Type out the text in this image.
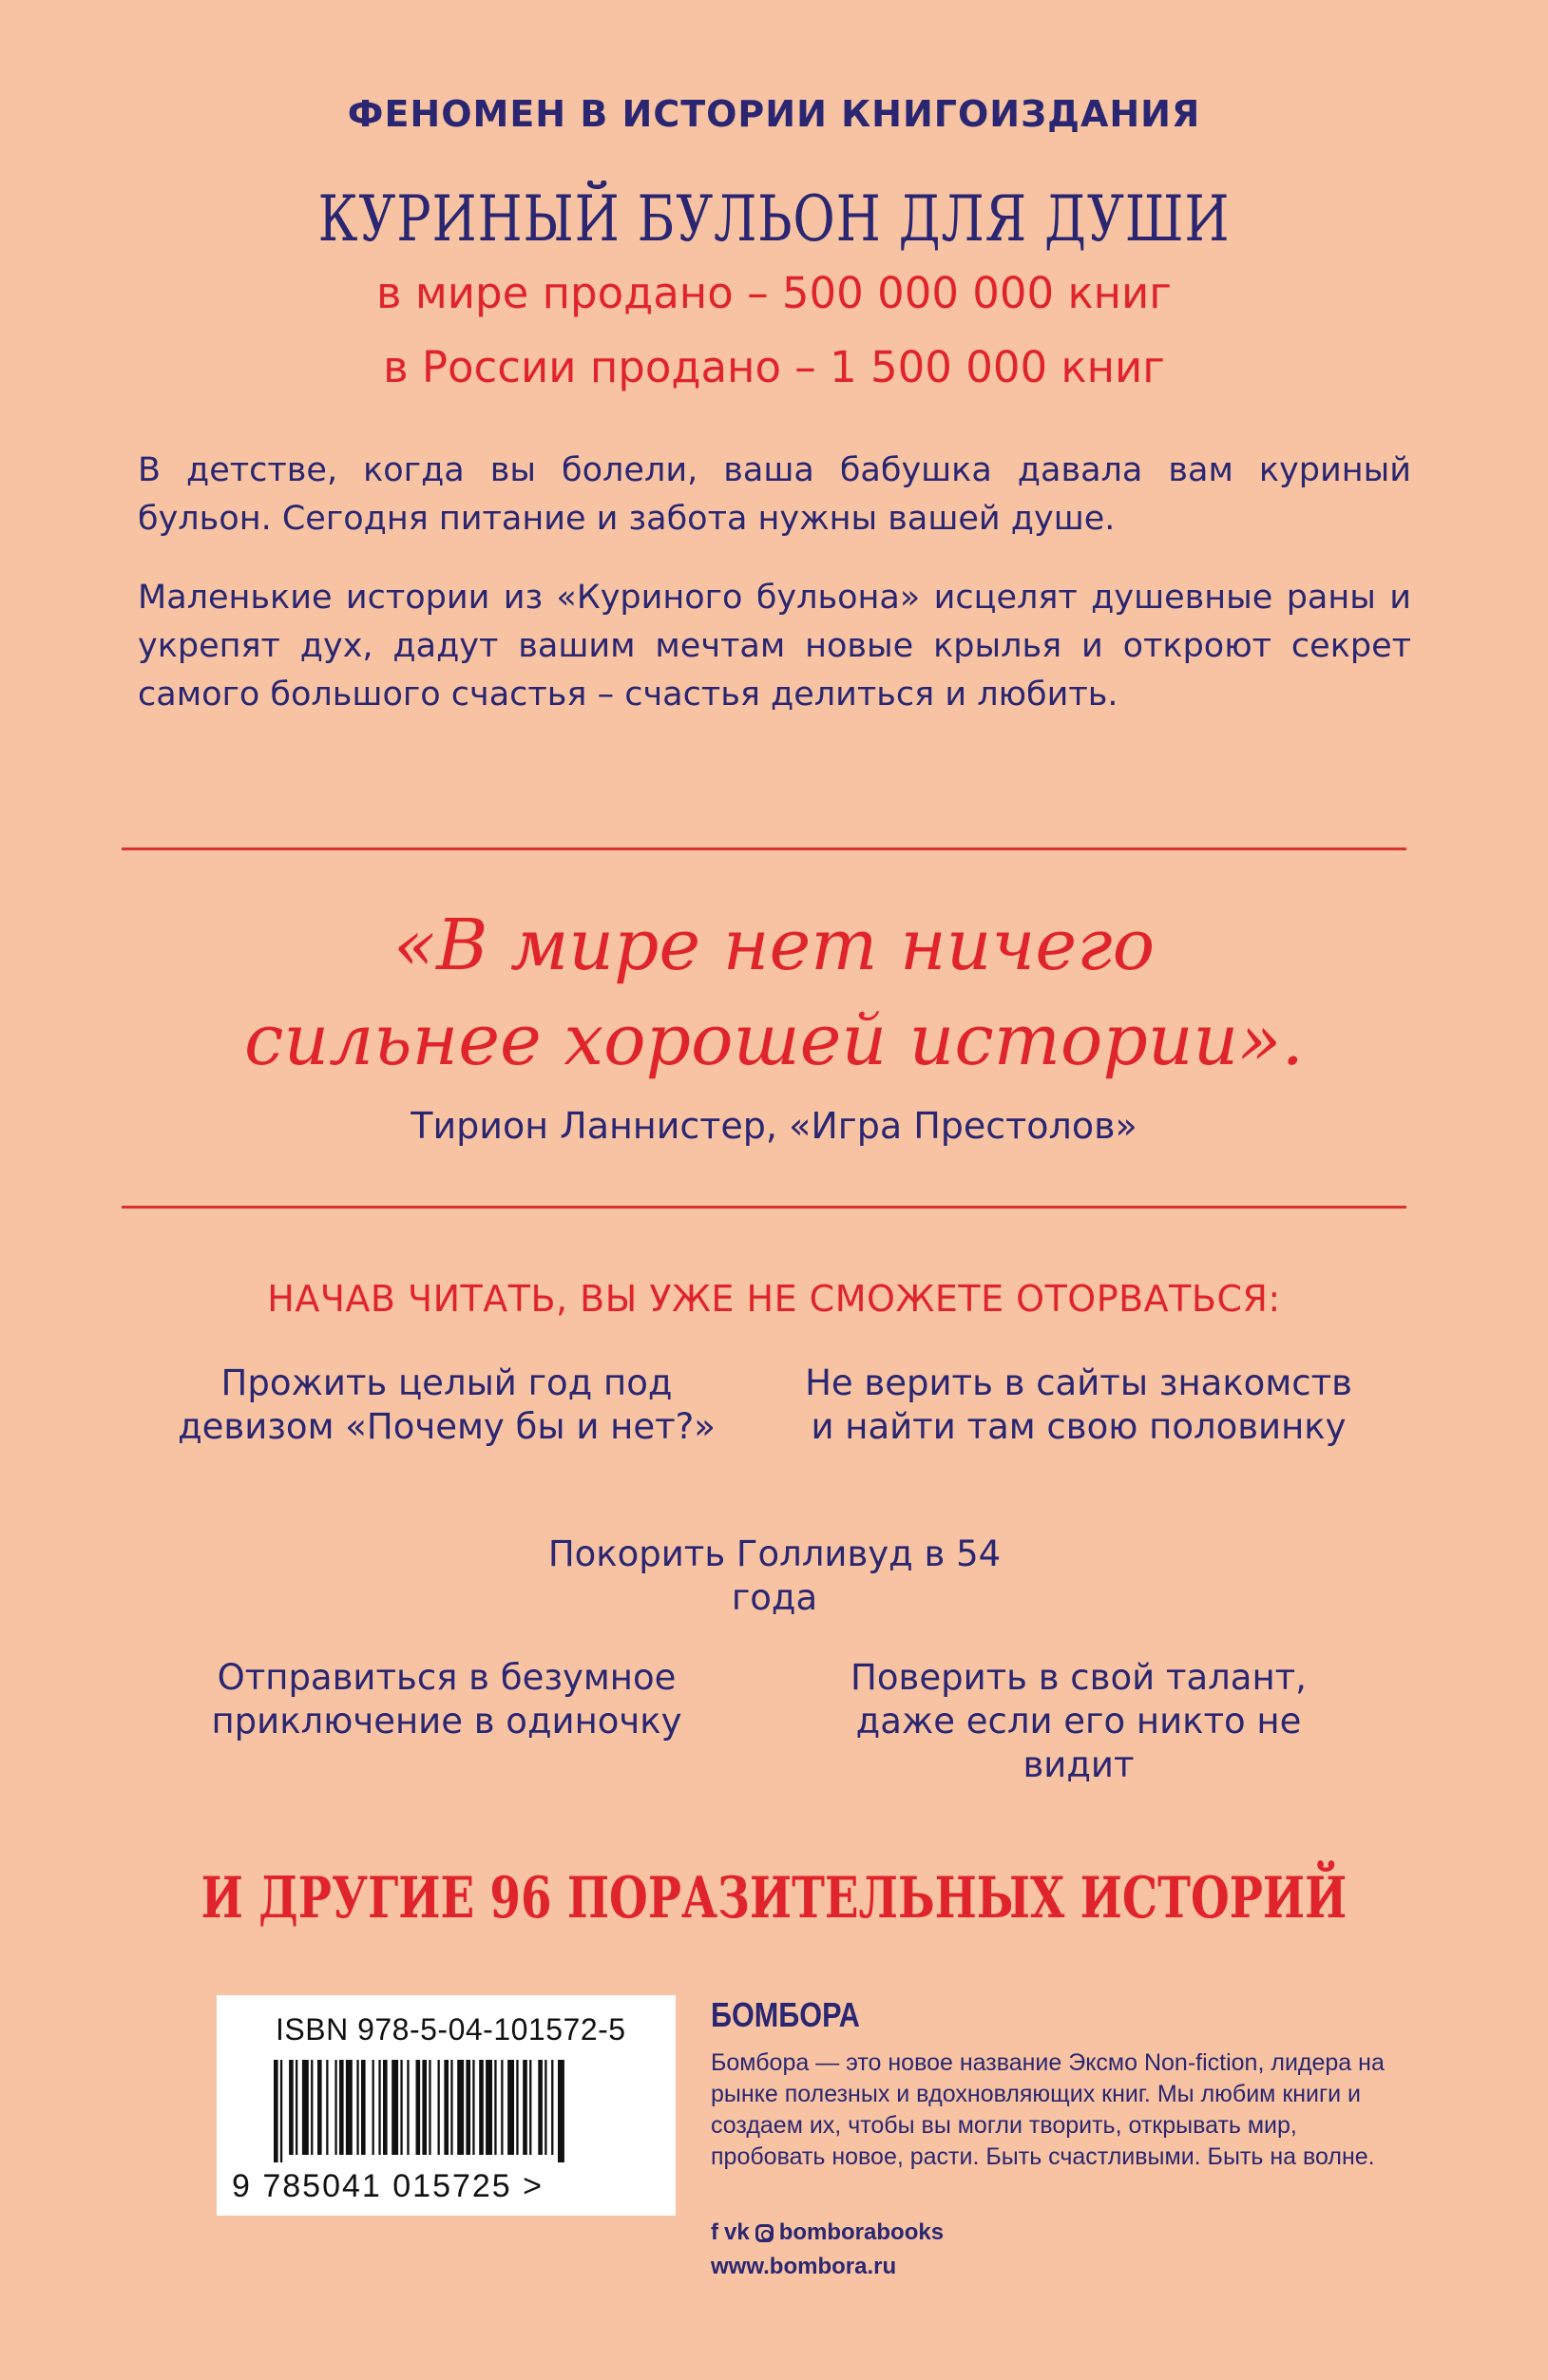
ФЕНОМЕН В ИСТОРИИ КНИГОИЗДАНИЯ
КУРИНЫЙ БУЛЬОН ДЛЯ ДУШИ
в мире продано – 500 000 000 книг
в России продано – 1 500 000 книг
В детстве, когда вы болели, ваша бабушка давала вам куриный бульон. Сегодня питание и забота нужны вашей душе.
Маленькие истории из «Куриного бульона» исцелят душевные раны и укрепят дух, дадут вашим мечтам новые крылья и откроют секрет самого большого счастья – счастья делиться и любить.
«В мире нет ничего
сильнее хорошей истории».
Тирион Ланнистер, «Игра Престолов»
НАЧАВ ЧИТАТЬ, ВЫ УЖЕ НЕ СМОЖЕТЕ ОТОРВАТЬСЯ:
Прожить целый год под девизом «Почему бы и нет?»
Не верить в сайты знакомств и найти там свою половинку
Покорить Голливуд в 54 года
Отправиться в безумное приключение в одиночку
Поверить в свой талант, даже если его никто не видит
И ДРУГИЕ 96 ПОРАЗИТЕЛЬНЫХ ИСТОРИЙ
ISBN 978-5-04-101572-5
9 785041 015725 >
БОМБОРА
Бомбора — это новое название Эксмо Non-fiction, лидера на рынке полезных и вдохновляющих книг. Мы любим книги и создаем их, чтобы вы могли творить, открывать мир, пробовать новое, расти. Быть счастливыми. Быть на волне.
f vk bomborabooks
www.bombora.ru
